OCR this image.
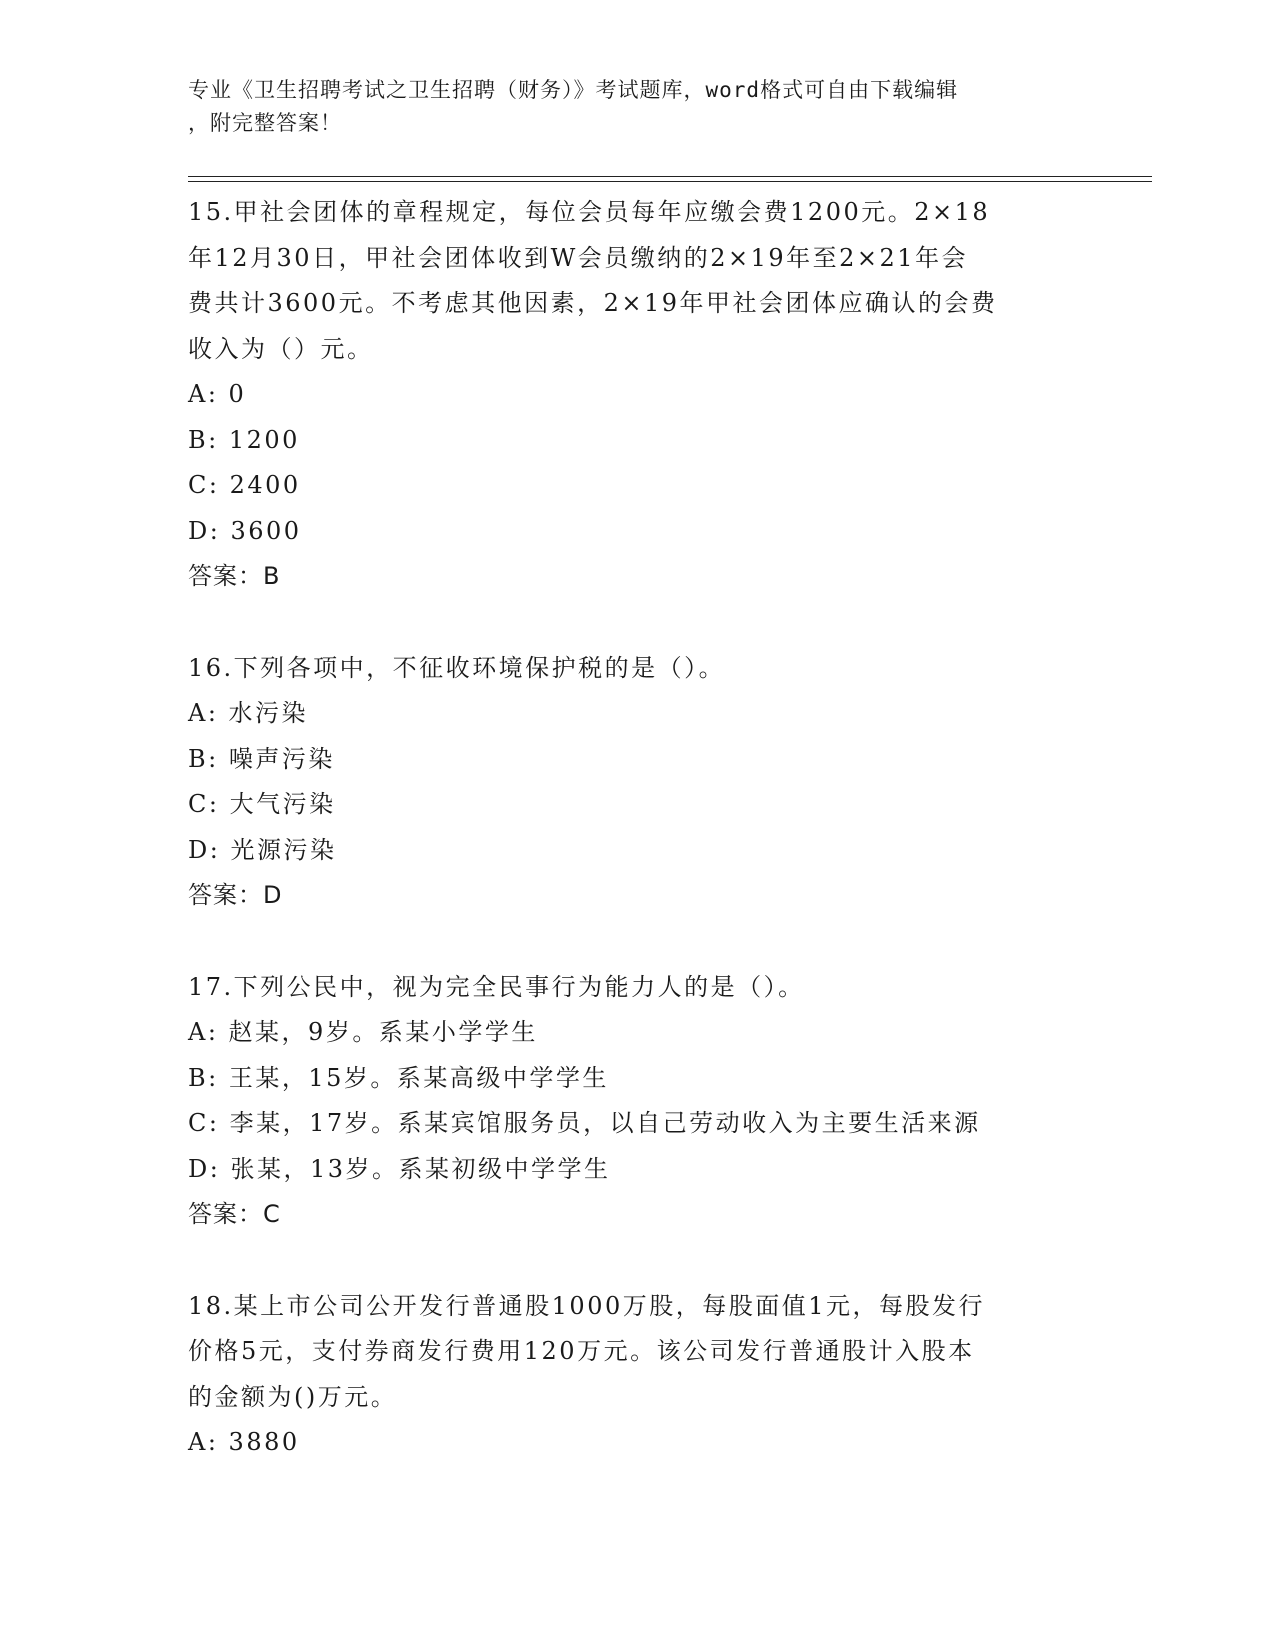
专业《卫生招聘考试之卫生招聘（财务）》考试题库，word格式可自由下载编辑
，附完整答案！
15.甲社会团体的章程规定，每位会员每年应缴会费1200元。2×18
年12月30日，甲社会团体收到W会员缴纳的2×19年至2×21年会
费共计3600元。不考虑其他因素，2×19年甲社会团体应确认的会费
收入为（）元。
A: 0
B: 1200
C: 2400
D: 3600
答案：B
16.下列各项中，不征收环境保护税的是（）。
A: 水污染
B: 噪声污染
C: 大气污染
D: 光源污染
答案：D
17.下列公民中，视为完全民事行为能力人的是（）。
A: 赵某，9岁。系某小学学生
B: 王某，15岁。系某高级中学学生
C: 李某，17岁。系某宾馆服务员，以自己劳动收入为主要生活来源
D: 张某，13岁。系某初级中学学生
答案：C
18.某上市公司公开发行普通股1000万股，每股面值1元，每股发行
价格5元，支付券商发行费用120万元。该公司发行普通股计入股本
的金额为()万元。
A: 3880
